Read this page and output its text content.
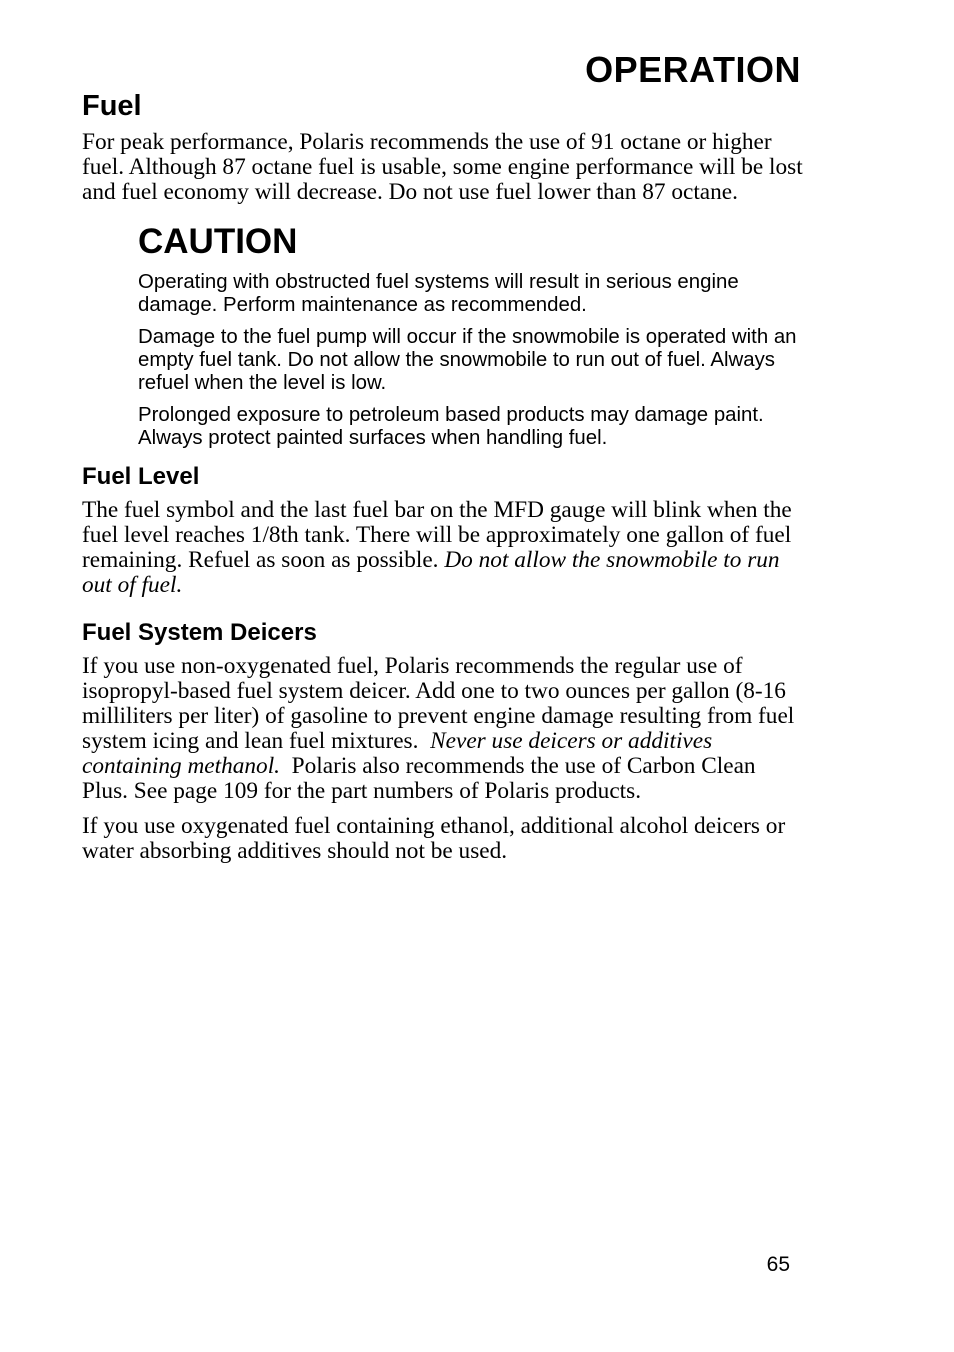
OPERATION
Fuel

For peak performance, Polaris recommends the use of 91 octane or higher fuel. Although 87 octane fuel is usable, some engine performance will be lost and fuel economy will decrease. Do not use fuel lower than 87 octane.

CAUTION

Operating with obstructed fuel systems will result in serious engine damage. Perform maintenance as recommended.

Damage to the fuel pump will occur if the snowmobile is operated with an empty fuel tank. Do not allow the snowmobile to run out of fuel. Always refuel when the level is low.

Prolonged exposure to petroleum based products may damage paint. Always protect painted surfaces when handling fuel.

Fuel Level

The fuel symbol and the last fuel bar on the MFD gauge will blink when the fuel level reaches 1/8th tank. There will be approximately one gallon of fuel remaining. Refuel as soon as possible. Do not allow the snowmobile to run out of fuel.

Fuel System Deicers

If you use non-oxygenated fuel, Polaris recommends the regular use of isopropyl-based fuel system deicer. Add one to two ounces per gallon (8-16 milliliters per liter) of gasoline to prevent engine damage resulting from fuel system icing and lean fuel mixtures. Never use deicers or additives containing methanol. Polaris also recommends the use of Carbon Clean Plus. See page 109 for the part numbers of Polaris products.

If you use oxygenated fuel containing ethanol, additional alcohol deicers or water absorbing additives should not be used.

65
